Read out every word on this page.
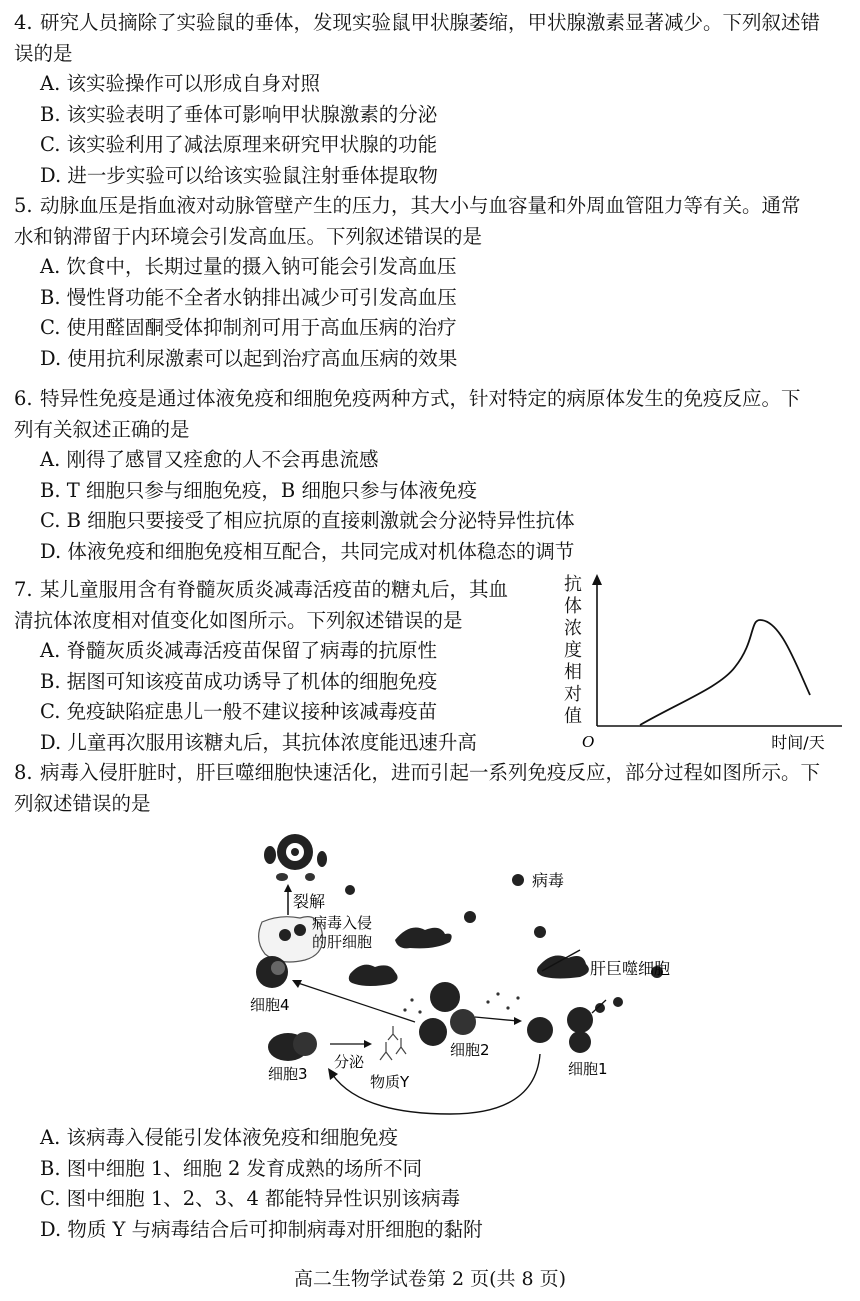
4. 研究人员摘除了实验鼠的垂体，发现实验鼠甲状腺萎缩，甲状腺激素显著减少。下列叙述错
误的是
A. 该实验操作可以形成自身对照
B. 该实验表明了垂体可影响甲状腺激素的分泌
C. 该实验利用了减法原理来研究甲状腺的功能
D. 进一步实验可以给该实验鼠注射垂体提取物
5. 动脉血压是指血液对动脉管壁产生的压力，其大小与血容量和外周血管阻力等有关。通常
水和钠滞留于内环境会引发高血压。下列叙述错误的是
A. 饮食中，长期过量的摄入钠可能会引发高血压
B. 慢性肾功能不全者水钠排出减少可引发高血压
C. 使用醛固酮受体抑制剂可用于高血压病的治疗
D. 使用抗利尿激素可以起到治疗高血压病的效果
6. 特异性免疫是通过体液免疫和细胞免疫两种方式，针对特定的病原体发生的免疫反应。下
列有关叙述正确的是
A. 刚得了感冒又痊愈的人不会再患流感
B. T 细胞只参与细胞免疫，B 细胞只参与体液免疫
C. B 细胞只要接受了相应抗原的直接刺激就会分泌特异性抗体
D. 体液免疫和细胞免疫相互配合，共同完成对机体稳态的调节
7. 某儿童服用含有脊髓灰质炎减毒活疫苗的糖丸后，其血
清抗体浓度相对值变化如图所示。下列叙述错误的是
A. 脊髓灰质炎减毒活疫苗保留了病毒的抗原性
B. 据图可知该疫苗成功诱导了机体的细胞免疫
C. 免疫缺陷症患儿一般不建议接种该减毒疫苗
D. 儿童再次服用该糖丸后，其抗体浓度能迅速升高	O	时间/天
抗
体
浓
度
相
对
值
8. 病毒入侵肝脏时，肝巨噬细胞快速活化，进而引起一系列免疫反应，部分过程如图所示。下
列叙述错误的是
裂解
病毒入侵
的肝细胞
病毒
肝巨噬细胞
细胞4
细胞2
细胞1
细胞3
分泌
物质Y
A. 该病毒入侵能引发体液免疫和细胞免疫
B. 图中细胞 1、细胞 2 发育成熟的场所不同
C. 图中细胞 1、2、3、4 都能特异性识别该病毒
D. 物质 Y 与病毒结合后可抑制病毒对肝细胞的黏附
高二生物学试卷第 2 页(共 8 页)
